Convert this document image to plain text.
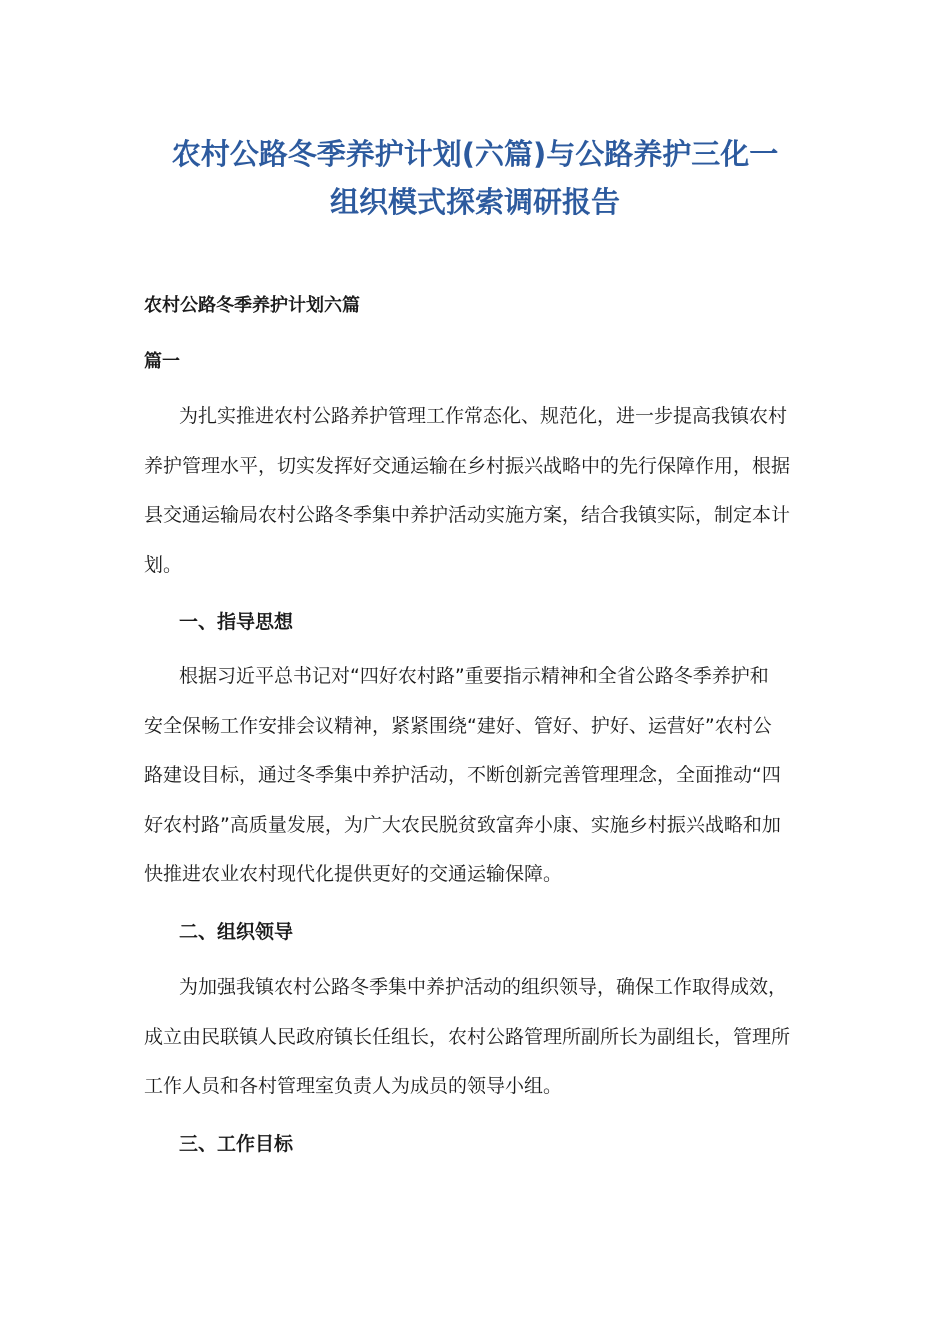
农村公路冬季养护计划(六篇)与公路养护三化一
组织模式探索调研报告
农村公路冬季养护计划六篇
篇一
为扎实推进农村公路养护管理工作常态化、规范化，进一步提高我镇农村
养护管理水平，切实发挥好交通运输在乡村振兴战略中的先行保障作用，根据
县交通运输局农村公路冬季集中养护活动实施方案，结合我镇实际，制定本计
划。
一、指导思想
根据习近平总书记对“四好农村路”重要指示精神和全省公路冬季养护和
安全保畅工作安排会议精神，紧紧围绕“建好、管好、护好、运营好”农村公
路建设目标，通过冬季集中养护活动，不断创新完善管理理念，全面推动“四
好农村路”高质量发展，为广大农民脱贫致富奔小康、实施乡村振兴战略和加
快推进农业农村现代化提供更好的交通运输保障。
二、组织领导
为加强我镇农村公路冬季集中养护活动的组织领导，确保工作取得成效，
成立由民联镇人民政府镇长任组长，农村公路管理所副所长为副组长，管理所
工作人员和各村管理室负责人为成员的领导小组。
三、工作目标
